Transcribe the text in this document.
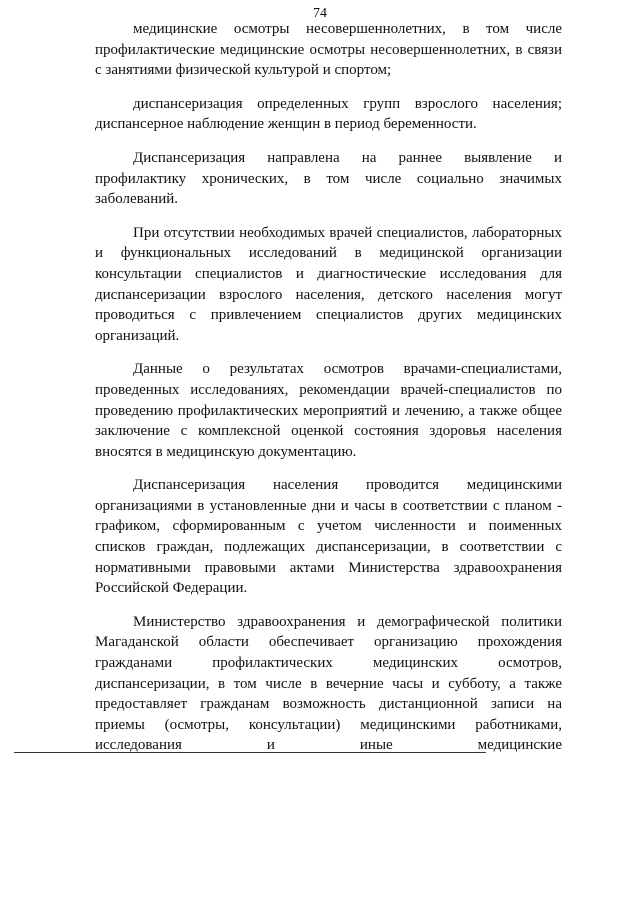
74

медицинские осмотры несовершеннолетних, в том числе профилактические медицинские осмотры несовершеннолетних, в связи с занятиями физической культурой и спортом;

диспансеризация определенных групп взрослого населения; диспансерное наблюдение женщин в период беременности.

Диспансеризация направлена на раннее выявление и профилактику хронических, в том числе социально значимых заболеваний.

При отсутствии необходимых врачей специалистов, лабораторных и функциональных исследований в медицинской организации консультации специалистов и диагностические исследования для диспансеризации взрослого населения, детского населения могут проводиться с привлечением специалистов других медицинских организаций.

Данные о результатах осмотров врачами-специалистами, проведенных исследованиях, рекомендации врачей-специалистов по проведению профилактических мероприятий и лечению, а также общее заключение с комплексной оценкой состояния здоровья населения вносятся в медицинскую документацию.

Диспансеризация населения проводится медицинскими организациями в установленные дни и часы в соответствии с планом - графиком, сформированным с учетом численности и поименных списков граждан, подлежащих диспансеризации, в соответствии с нормативными правовыми актами Министерства здравоохранения Российской Федерации.

Министерство здравоохранения и демографической политики Магаданской области обеспечивает организацию прохождения гражданами профилактических медицинских осмотров, диспансеризации, в том числе в вечерние часы и субботу, а также предоставляет гражданам возможность дистанционной записи на приемы (осмотры, консультации) медицинскими работниками, исследования и иные медицинские
